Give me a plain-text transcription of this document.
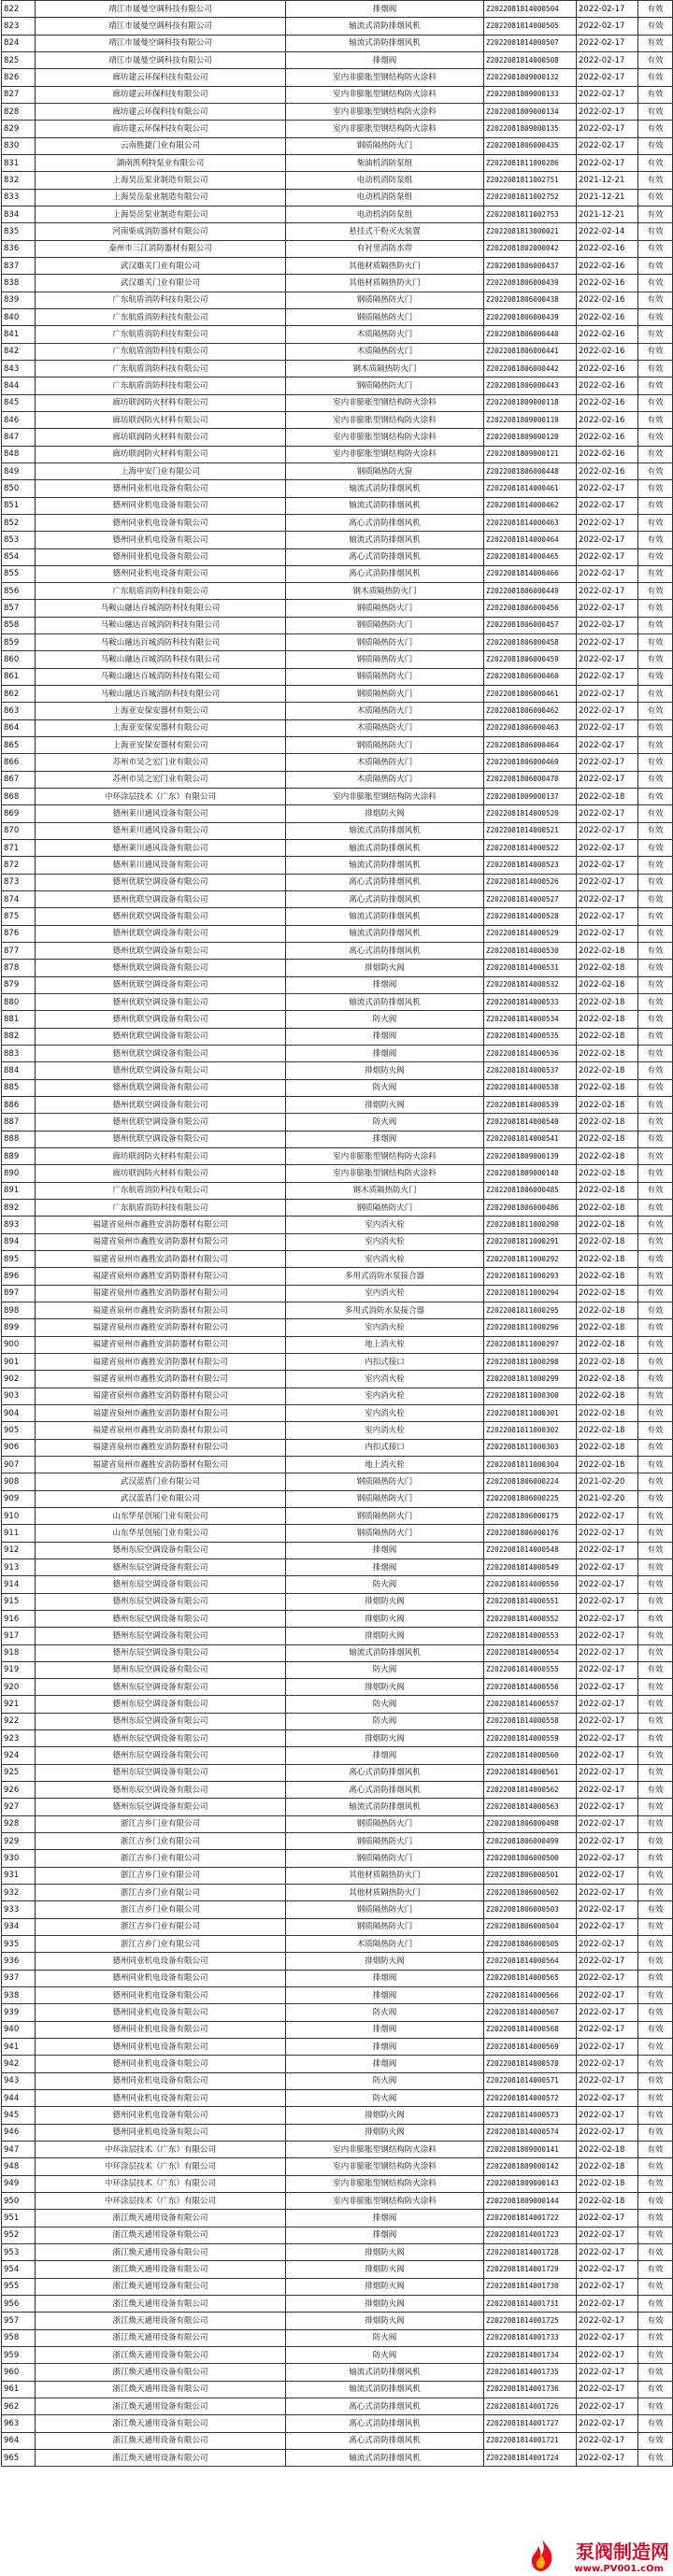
822	靖江市晟曼空调科技有限公司	排烟阀	Z2022081814000504	2022-02-17	有效
823	靖江市晟曼空调科技有限公司	轴流式消防排烟风机	Z2022081814000505	2022-02-17	有效
824	靖江市晟曼空调科技有限公司	轴流式消防排烟风机	Z2022081814000507	2022-02-17	有效
825	靖江市晟曼空调科技有限公司	排烟阀	Z2022081814000508	2022-02-17	有效
826	廊坊建云环保科技有限公司	室内非膨胀型钢结构防火涂料	Z2022081809000132	2022-02-17	有效
827	廊坊建云环保科技有限公司	室内非膨胀型钢结构防火涂料	Z2022081809000133	2022-02-17	有效
828	廊坊建云环保科技有限公司	室内非膨胀型钢结构防火涂料	Z2022081809000134	2022-02-17	有效
829	廊坊建云环保科技有限公司	室内非膨胀型钢结构防火涂料	Z2022081809000135	2022-02-17	有效
830	云南胜捷门业有限公司	钢质隔热防火门	Z2022081806000435	2022-02-17	有效
831	湖南凯利特泵业有限公司	柴油机消防泵组	Z2022081811000286	2022-02-17	有效
832	上海昊岳泵业制造有限公司	电动机消防泵组	Z2022081811002751	2021-12-21	有效
833	上海昊岳泵业制造有限公司	电动机消防泵组	Z2022081811002752	2021-12-21	有效
834	上海昊岳泵业制造有限公司	电动机消防泵组	Z2022081811002753	2021-12-21	有效
835	河南柴成消防器材有限公司	悬挂式干粉灭火装置	Z2022081813000021	2022-02-14	有效
836	泰州市三江消防器材有限公司	有衬里消防水带	Z2022081802000042	2022-02-16	有效
837	武汉雄关门业有限公司	其他材质隔热防火门	Z2022081806000437	2022-02-16	有效
838	武汉雄关门业有限公司	其他材质隔热防火门	Z2022081806000439	2022-02-16	有效
839	广东航盾消防科技有限公司	钢质隔热防火门	Z2022081806000438	2022-02-16	有效
840	广东航盾消防科技有限公司	钢质隔热防火门	Z2022081806000439	2022-02-16	有效
841	广东航盾消防科技有限公司	木质隔热防火门	Z2022081806000440	2022-02-16	有效
842	广东航盾消防科技有限公司	木质隔热防火门	Z2022081806000441	2022-02-16	有效
843	广东航盾消防科技有限公司	钢木质隔热防火门	Z2022081806000442	2022-02-16	有效
844	广东航盾消防科技有限公司	钢质隔热防火门	Z2022081806000443	2022-02-16	有效
845	廊坊联润防火材料有限公司	室内非膨胀型钢结构防火涂料	Z2022081809000118	2022-02-16	有效
846	廊坊联润防火材料有限公司	室内非膨胀型钢结构防火涂料	Z2022081809000119	2022-02-16	有效
847	廊坊联润防火材料有限公司	室内非膨胀型钢结构防火涂料	Z2022081809000120	2022-02-16	有效
848	廊坊联润防火材料有限公司	室内非膨胀型钢结构防火涂料	Z2022081809000121	2022-02-16	有效
849	上海申安门业有限公司	钢质隔热防火窗	Z2022081806000448	2022-02-16	有效
850	德州同业机电设备有限公司	轴流式消防排烟风机	Z2022081814000461	2022-02-17	有效
851	德州同业机电设备有限公司	轴流式消防排烟风机	Z2022081814000462	2022-02-17	有效
852	德州同业机电设备有限公司	离心式消防排烟风机	Z2022081814000463	2022-02-17	有效
853	德州同业机电设备有限公司	轴流式消防排烟风机	Z2022081814000464	2022-02-17	有效
854	德州同业机电设备有限公司	离心式消防排烟风机	Z2022081814000465	2022-02-17	有效
855	德州同业机电设备有限公司	离心式消防排烟风机	Z2022081814000466	2022-02-17	有效
856	广东航盾消防科技有限公司	钢木质隔热防火门	Z2022081806000449	2022-02-17	有效
857	马鞍山融达百城消防科技有限公司	钢质隔热防火门	Z2022081806000456	2022-02-17	有效
858	马鞍山融达百城消防科技有限公司	钢质隔热防火门	Z2022081806000457	2022-02-17	有效
859	马鞍山融达百城消防科技有限公司	钢质隔热防火门	Z2022081806000458	2022-02-17	有效
860	马鞍山融达百城消防科技有限公司	钢质隔热防火门	Z2022081806000459	2022-02-17	有效
861	马鞍山融达百城消防科技有限公司	钢质隔热防火门	Z2022081806000460	2022-02-17	有效
862	马鞍山融达百城消防科技有限公司	钢质隔热防火门	Z2022081806000461	2022-02-17	有效
863	上海亚安保安器材有限公司	木质隔热防火门	Z2022081806000462	2022-02-17	有效
864	上海亚安保安器材有限公司	木质隔热防火门	Z2022081806000463	2022-02-17	有效
865	上海亚安保安器材有限公司	钢质隔热防火门	Z2022081806000464	2022-02-17	有效
866	苏州市吴之宏门业有限公司	木质隔热防火门	Z2022081806000469	2022-02-17	有效
867	苏州市吴之宏门业有限公司	木质隔热防火门	Z2022081806000470	2022-02-17	有效
868	中环涂层技术（广东）有限公司	室内非膨胀型钢结构防火涂料	Z2022081809000137	2022-02-18	有效
869	德州莱川通风设备有限公司	排烟防火阀	Z2022081814000520	2022-02-17	有效
870	德州莱川通风设备有限公司	轴流式消防排烟风机	Z2022081814000521	2022-02-17	有效
871	德州莱川通风设备有限公司	轴流式消防排烟风机	Z2022081814000522	2022-02-17	有效
872	德州莱川通风设备有限公司	轴流式消防排烟风机	Z2022081814000523	2022-02-17	有效
873	德州优联空调设备有限公司	离心式消防排烟风机	Z2022081814000526	2022-02-17	有效
874	德州优联空调设备有限公司	离心式消防排烟风机	Z2022081814000527	2022-02-17	有效
875	德州优联空调设备有限公司	轴流式消防排烟风机	Z2022081814000528	2022-02-17	有效
876	德州优联空调设备有限公司	轴流式消防排烟风机	Z2022081814000529	2022-02-17	有效
877	德州优联空调设备有限公司	离心式消防排烟风机	Z2022081814000530	2022-02-18	有效
878	德州优联空调设备有限公司	排烟防火阀	Z2022081814000531	2022-02-18	有效
879	德州优联空调设备有限公司	排烟阀	Z2022081814000532	2022-02-18	有效
880	德州优联空调设备有限公司	轴流式消防排烟风机	Z2022081814000533	2022-02-18	有效
881	德州优联空调设备有限公司	防火阀	Z2022081814000534	2022-02-18	有效
882	德州优联空调设备有限公司	排烟阀	Z2022081814000535	2022-02-18	有效
883	德州优联空调设备有限公司	排烟阀	Z2022081814000536	2022-02-18	有效
884	德州优联空调设备有限公司	排烟防火阀	Z2022081814000537	2022-02-18	有效
885	德州优联空调设备有限公司	防火阀	Z2022081814000538	2022-02-18	有效
886	德州优联空调设备有限公司	排烟防火阀	Z2022081814000539	2022-02-18	有效
887	德州优联空调设备有限公司	防火阀	Z2022081814000540	2022-02-18	有效
888	德州优联空调设备有限公司	排烟阀	Z2022081814000541	2022-02-18	有效
889	廊坊联润防火材料有限公司	室内非膨胀型钢结构防火涂料	Z2022081809000139	2022-02-18	有效
890	廊坊联润防火材料有限公司	室内非膨胀型钢结构防火涂料	Z2022081809000140	2022-02-18	有效
891	广东航盾消防科技有限公司	钢木质隔热防火门	Z2022081806000485	2022-02-18	有效
892	广东航盾消防科技有限公司	钢质隔热防火门	Z2022081806000486	2022-02-18	有效
893	福建省泉州市鑫胜安消防器材有限公司	室内消火栓	Z2022081811000290	2022-02-18	有效
894	福建省泉州市鑫胜安消防器材有限公司	室内消火栓	Z2022081811000291	2022-02-18	有效
895	福建省泉州市鑫胜安消防器材有限公司	室内消火栓	Z2022081811000292	2022-02-18	有效
896	福建省泉州市鑫胜安消防器材有限公司	多用式消防水泵接合器	Z2022081811000293	2022-02-18	有效
897	福建省泉州市鑫胜安消防器材有限公司	室内消火栓	Z2022081811000294	2022-02-18	有效
898	福建省泉州市鑫胜安消防器材有限公司	多用式消防水泵接合器	Z2022081811000295	2022-02-18	有效
899	福建省泉州市鑫胜安消防器材有限公司	室内消火栓	Z2022081811000296	2022-02-18	有效
900	福建省泉州市鑫胜安消防器材有限公司	地上消火栓	Z2022081811000297	2022-02-18	有效
901	福建省泉州市鑫胜安消防器材有限公司	内扣式接口	Z2022081811000298	2022-02-18	有效
902	福建省泉州市鑫胜安消防器材有限公司	室内消火栓	Z2022081811000299	2022-02-18	有效
903	福建省泉州市鑫胜安消防器材有限公司	室内消火栓	Z2022081811000300	2022-02-18	有效
904	福建省泉州市鑫胜安消防器材有限公司	室内消火栓	Z2022081811000301	2022-02-18	有效
905	福建省泉州市鑫胜安消防器材有限公司	室内消火栓	Z2022081811000302	2022-02-18	有效
906	福建省泉州市鑫胜安消防器材有限公司	内扣式接口	Z2022081811000303	2022-02-18	有效
907	福建省泉州市鑫胜安消防器材有限公司	地上消火栓	Z2022081811000304	2022-02-18	有效
908	武汉蓝盾门业有限公司	钢质隔热防火门	Z2022081806000224	2021-02-20	有效
909	武汉蓝盾门业有限公司	钢质隔热防火门	Z2022081806000225	2021-02-20	有效
910	山东华星创展门业有限公司	钢质隔热防火门	Z2022081806000175	2022-02-17	有效
911	山东华星创展门业有限公司	钢质隔热防火门	Z2022081806000176	2022-02-17	有效
912	德州东辰空调设备有限公司	排烟阀	Z2022081814000548	2022-02-17	有效
913	德州东辰空调设备有限公司	排烟阀	Z2022081814000549	2022-02-17	有效
914	德州东辰空调设备有限公司	防火阀	Z2022081814000550	2022-02-17	有效
915	德州东辰空调设备有限公司	排烟防火阀	Z2022081814000551	2022-02-17	有效
916	德州东辰空调设备有限公司	排烟防火阀	Z2022081814000552	2022-02-17	有效
917	德州东辰空调设备有限公司	排烟防火阀	Z2022081814000553	2022-02-17	有效
918	德州东辰空调设备有限公司	轴流式消防排烟风机	Z2022081814000554	2022-02-17	有效
919	德州东辰空调设备有限公司	防火阀	Z2022081814000555	2022-02-17	有效
920	德州东辰空调设备有限公司	排烟防火阀	Z2022081814000556	2022-02-17	有效
921	德州东辰空调设备有限公司	防火阀	Z2022081814000557	2022-02-17	有效
922	德州东辰空调设备有限公司	防火阀	Z2022081814000558	2022-02-17	有效
923	德州东辰空调设备有限公司	排烟防火阀	Z2022081814000559	2022-02-17	有效
924	德州东辰空调设备有限公司	排烟阀	Z2022081814000560	2022-02-17	有效
925	德州东辰空调设备有限公司	离心式消防排烟风机	Z2022081814000561	2022-02-17	有效
926	德州东辰空调设备有限公司	离心式消防排烟风机	Z2022081814000562	2022-02-17	有效
927	德州东辰空调设备有限公司	轴流式消防排烟风机	Z2022081814000563	2022-02-17	有效
928	浙江吉乡门业有限公司	钢质隔热防火门	Z2022081806000498	2022-02-17	有效
929	浙江吉乡门业有限公司	钢质隔热防火门	Z2022081806000499	2022-02-17	有效
930	浙江吉乡门业有限公司	钢质隔热防火门	Z2022081806000500	2022-02-17	有效
931	浙江吉乡门业有限公司	其他材质隔热防火门	Z2022081806000501	2022-02-17	有效
932	浙江吉乡门业有限公司	其他材质隔热防火门	Z2022081806000502	2022-02-17	有效
933	浙江吉乡门业有限公司	钢质隔热防火门	Z2022081806000503	2022-02-17	有效
934	浙江吉乡门业有限公司	钢质隔热防火门	Z2022081806000504	2022-02-17	有效
935	浙江吉乡门业有限公司	木质隔热防火门	Z2022081806000505	2022-02-17	有效
936	德州同业机电设备有限公司	排烟防火阀	Z2022081814000564	2022-02-17	有效
937	德州同业机电设备有限公司	排烟阀	Z2022081814000565	2022-02-17	有效
938	德州同业机电设备有限公司	排烟阀	Z2022081814000566	2022-02-17	有效
939	德州同业机电设备有限公司	防火阀	Z2022081814000567	2022-02-17	有效
940	德州同业机电设备有限公司	排烟阀	Z2022081814000568	2022-02-17	有效
941	德州同业机电设备有限公司	排烟阀	Z2022081814000569	2022-02-17	有效
942	德州同业机电设备有限公司	排烟阀	Z2022081814000570	2022-02-17	有效
943	德州同业机电设备有限公司	防火阀	Z2022081814000571	2022-02-17	有效
944	德州同业机电设备有限公司	防火阀	Z2022081814000572	2022-02-17	有效
945	德州同业机电设备有限公司	排烟防火阀	Z2022081814000573	2022-02-17	有效
946	德州同业机电设备有限公司	排烟防火阀	Z2022081814000574	2022-02-17	有效
947	中环涂层技术（广东）有限公司	室内非膨胀型钢结构防火涂料	Z2022081809000141	2022-02-18	有效
948	中环涂层技术（广东）有限公司	室内非膨胀型钢结构防火涂料	Z2022081809000142	2022-02-18	有效
949	中环涂层技术（广东）有限公司	室内非膨胀型钢结构防火涂料	Z2022081809000143	2022-02-18	有效
950	中环涂层技术（广东）有限公司	室内非膨胀型钢结构防火涂料	Z2022081809000144	2022-02-18	有效
951	浙江焕天通用设备有限公司	排烟阀	Z2022081814001722	2022-02-17	有效
952	浙江焕天通用设备有限公司	排烟阀	Z2022081814001723	2022-02-17	有效
953	浙江焕天通用设备有限公司	排烟防火阀	Z2022081814001728	2022-02-17	有效
954	浙江焕天通用设备有限公司	排烟防火阀	Z2022081814001729	2022-02-17	有效
955	浙江焕天通用设备有限公司	排烟防火阀	Z2022081814001730	2022-02-17	有效
956	浙江焕天通用设备有限公司	排烟防火阀	Z2022081814001731	2022-02-17	有效
957	浙江焕天通用设备有限公司	排烟防火阀	Z2022081814001725	2022-02-17	有效
958	浙江焕天通用设备有限公司	防火阀	Z2022081814001733	2022-02-17	有效
959	浙江焕天通用设备有限公司	防火阀	Z2022081814001734	2022-02-17	有效
960	浙江焕天通用设备有限公司	轴流式消防排烟风机	Z2022081814001735	2022-02-17	有效
961	浙江焕天通用设备有限公司	轴流式消防排烟风机	Z2022081814001736	2022-02-17	有效
962	浙江焕天通用设备有限公司	离心式消防排烟风机	Z2022081814001726	2022-02-17	有效
963	浙江焕天通用设备有限公司	离心式消防排烟风机	Z2022081814001727	2022-02-17	有效
964	浙江焕天通用设备有限公司	离心式消防排烟风机	Z2022081814001721	2022-02-17	有效
965	浙江焕天通用设备有限公司	轴流式消防排烟风机	Z2022081814001724	2022-02-17	有效
泵阀制造网
www.PV001.cOm
